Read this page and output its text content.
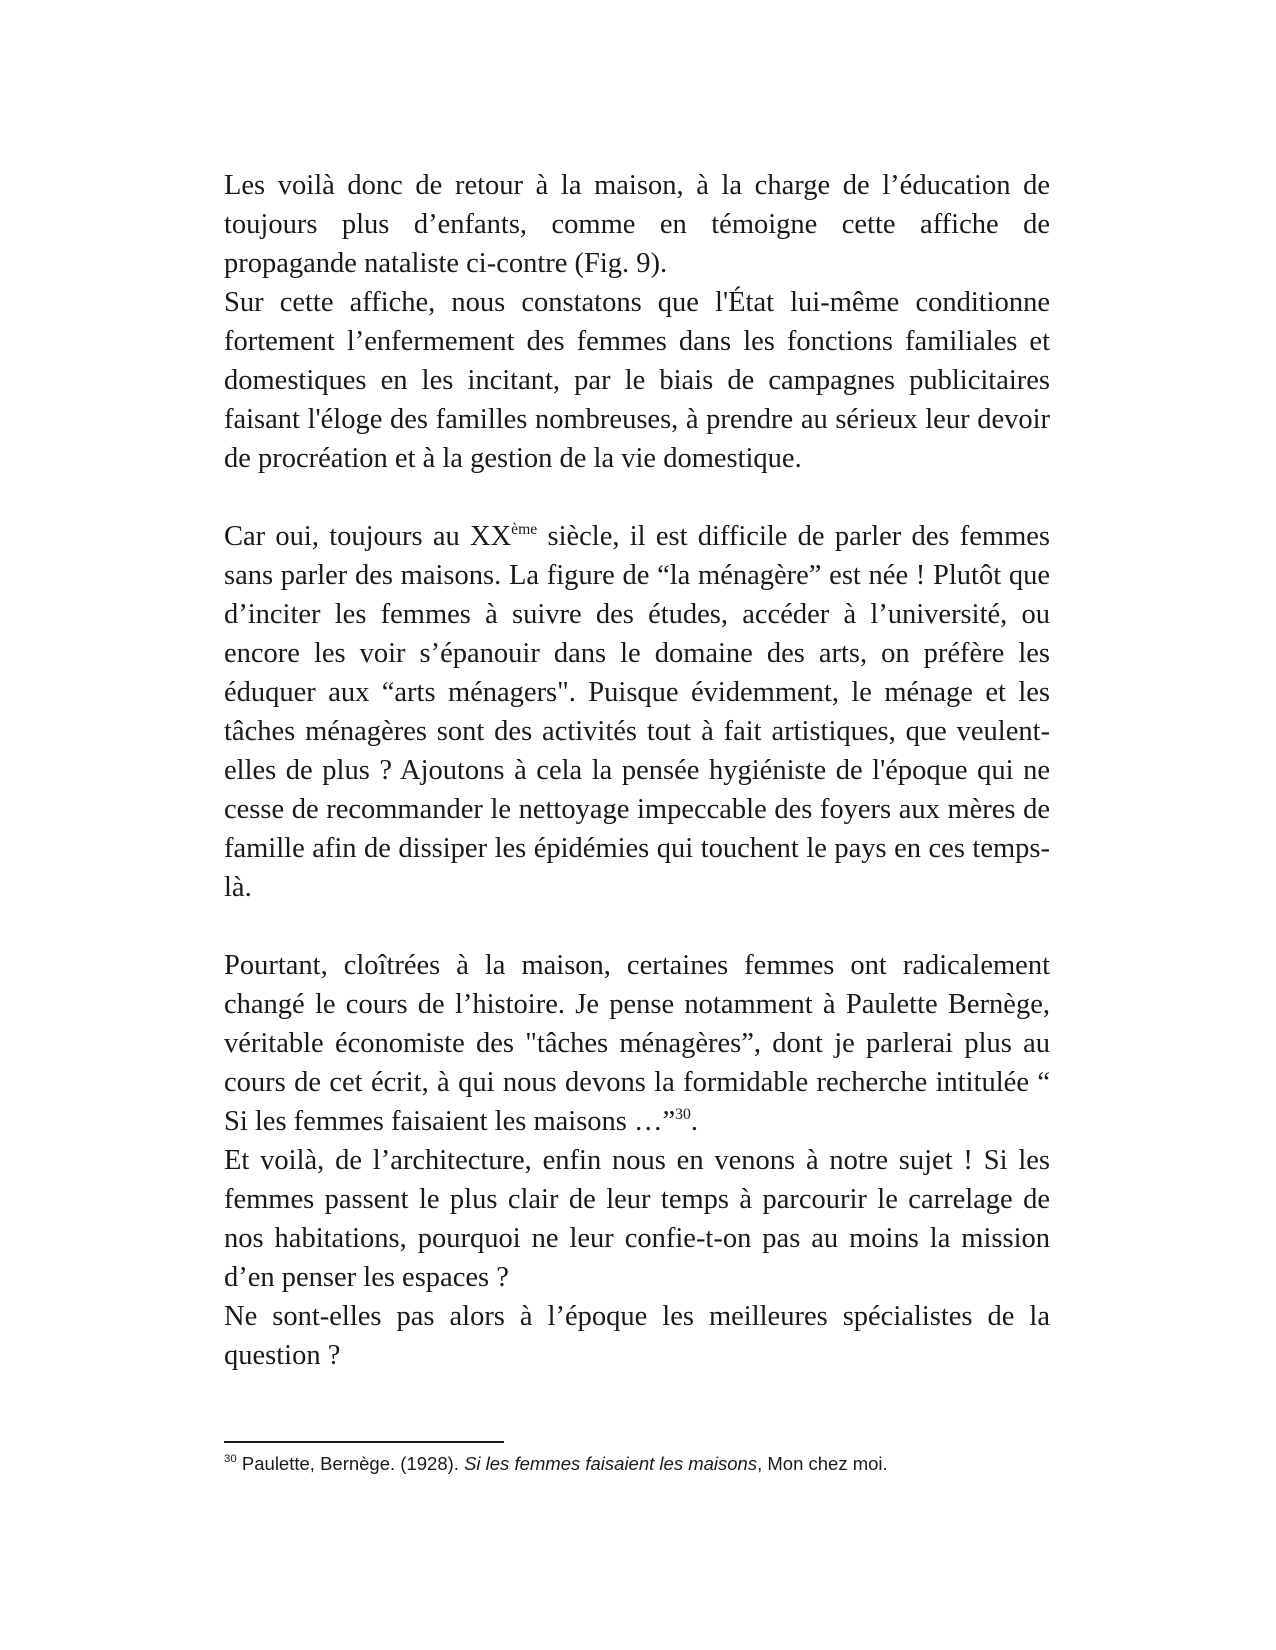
Les voilà donc de retour à la maison, à la charge de l’éducation de toujours plus d’enfants, comme en témoigne cette affiche de propagande nataliste ci-contre (Fig. 9).

Sur cette affiche, nous constatons que l'État lui-même conditionne fortement l’enfermement des femmes dans les fonctions familiales et domestiques en les incitant, par le biais de campagnes publicitaires faisant l'éloge des familles nombreuses, à prendre au sérieux leur devoir de procréation et à la gestion de la vie domestique.

Car oui, toujours au XXème siècle, il est difficile de parler des femmes sans parler des maisons. La figure de “la ménagère” est née ! Plutôt que d’inciter les femmes à suivre des études, accéder à l’université, ou encore les voir s’épanouir dans le domaine des arts, on préfère les éduquer aux “arts ménagers". Puisque évidemment, le ménage et les tâches ménagères sont des activités tout à fait artistiques, que veulent-elles de plus ? Ajoutons à cela la pensée hygiéniste de l'époque qui ne cesse de recommander le nettoyage impeccable des foyers aux mères de famille afin de dissiper les épidémies qui touchent le pays en ces temps-là.

Pourtant, cloîtrées à la maison, certaines femmes ont radicalement changé le cours de l’histoire. Je pense notamment à Paulette Bernège, véritable économiste des "tâches ménagères”, dont je parlerai plus au cours de cet écrit, à qui nous devons la formidable recherche intitulée “ Si les femmes faisaient les maisons …”$^{30}$.

Et voilà, de l’architecture, enfin nous en venons à notre sujet ! Si les femmes passent le plus clair de leur temps à parcourir le carrelage de nos habitations, pourquoi ne leur confie-t-on pas au moins la mission d’en penser les espaces ?

Ne sont-elles pas alors à l’époque les meilleures spécialistes de la question ?

$^{30}$ Paulette, Bernège. (1928). Si les femmes faisaient les maisons, Mon chez moi.
